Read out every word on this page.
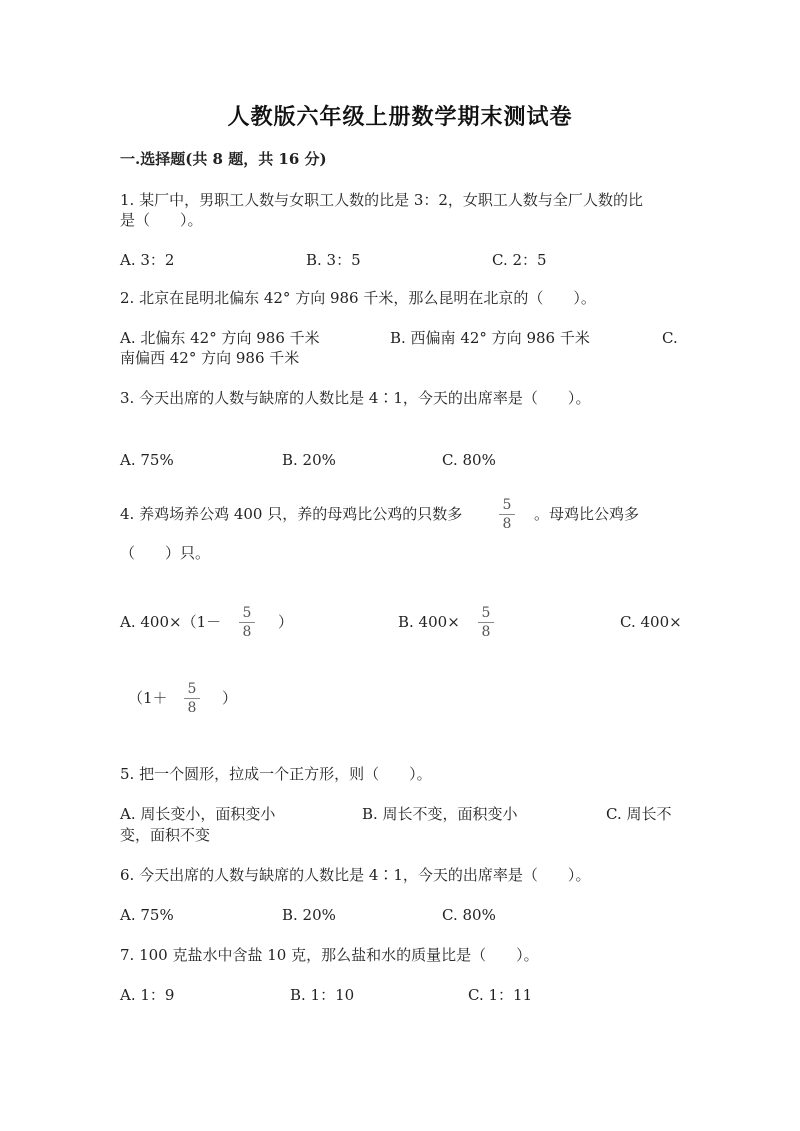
人教版六年级上册数学期末测试卷
一.选择题(共 8 题，共 16 分)
1. 某厂中，男职工人数与女职工人数的比是 3：2，女职工人数与全厂人数的比
是（　　）。
A. 3：2	B. 3：5	C. 2：5
2. 北京在昆明北偏东 42° 方向 986 千米，那么昆明在北京的（　　）。
A. 北偏东 42° 方向 986 千米	B. 西偏南 42° 方向 986 千米	C.
南偏西 42° 方向 986 千米
3. 今天出席的人数与缺席的人数比是 4∶1，今天的出席率是（　　）。
A. 75%	B. 20%	C. 80%
4. 养鸡场养公鸡 400 只，养的母鸡比公鸡的只数多	5
8
。母鸡比公鸡多
（　　）只。
A. 400×（1－	5
8
）	B. 400×	5
8
C. 400×
（1＋	5
8
）
5. 把一个圆形，拉成一个正方形，则（　　）。
A. 周长变小，面积变小	B. 周长不变，面积变小	C. 周长不
变，面积不变
6. 今天出席的人数与缺席的人数比是 4∶1，今天的出席率是（　　）。
A. 75%	B. 20%	C. 80%
7. 100 克盐水中含盐 10 克，那么盐和水的质量比是（　　）。
A. 1：9	B. 1：10	C. 1：11
